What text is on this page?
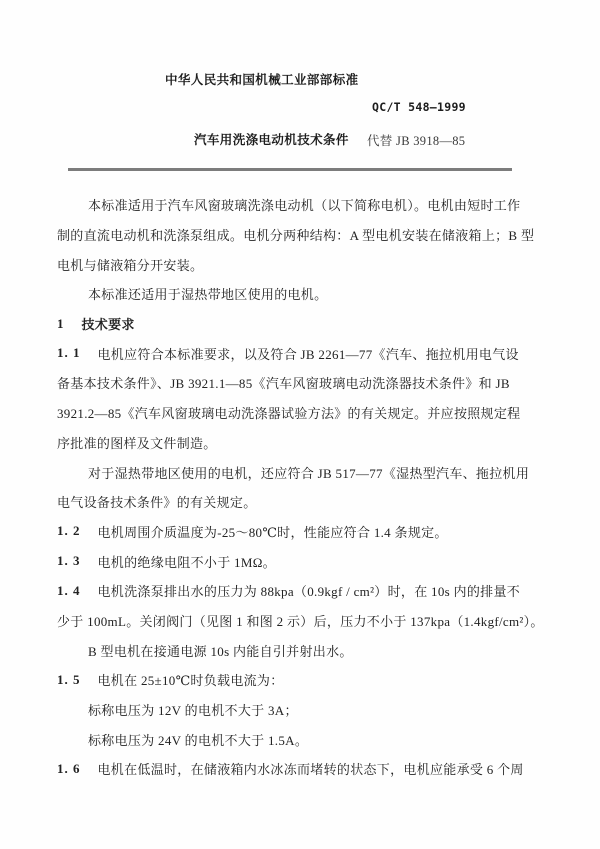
中华人民共和国机械工业部部标准
QC/T 548—1999
汽车用洗涤电动机技术条件 代替 JB 3918—85
本标准适用于汽车风窗玻璃洗涤电动机（以下简称电机）。电机由短时工作
制的直流电动机和洗涤泵组成。电机分两种结构：A 型电机安装在储液箱上；B 型
电机与储液箱分开安装。
本标准还适用于湿热带地区使用的电机。
1 技术要求
1. 1 电机应符合本标准要求，以及符合 JB 2261—77《汽车、拖拉机用电气设
备基本技术条件》、JB 3921.1—85《汽车风窗玻璃电动洗涤器技术条件》和 JB
3921.2—85《汽车风窗玻璃电动洗涤器试验方法》的有关规定。并应按照规定程
序批准的图样及文件制造。
对于湿热带地区使用的电机，还应符合 JB 517—77《湿热型汽车、拖拉机用
电气设备技术条件》的有关规定。
1. 2 电机周围介质温度为-25～80℃时，性能应符合 1.4 条规定。
1. 3 电机的绝缘电阻不小于 1MΩ。
1. 4 电机洗涤泵排出水的压力为 88kpa（0.9kgf / cm²）时，在 10s 内的排量不
少于 100mL。关闭阀门（见图 1 和图 2 示）后，压力不小于 137kpa（1.4kgf/cm²）。
B 型电机在接通电源 10s 内能自引并射出水。
1. 5 电机在 25±10℃时负载电流为：
标称电压为 12V 的电机不大于 3A；
标称电压为 24V 的电机不大于 1.5A。
1. 6 电机在低温时，在储液箱内水冰冻而堵转的状态下，电机应能承受 6 个周
